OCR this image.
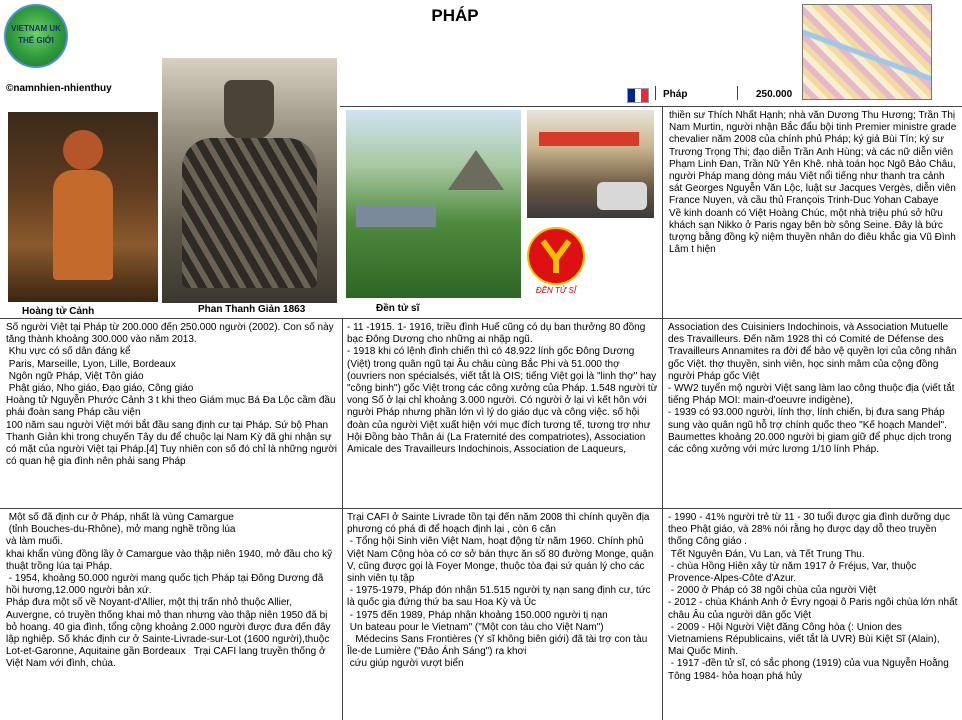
PHÁP
VIETNAM UK
THẾ GIỚI
©namnhien-nhienthuy
Hoàng tử Cảnh	Phan Thanh Giản 1863	Đền tử sĩ
ĐỀN TỬ SĨ
Pháp	250.000
thiền sư Thích Nhất Hạnh; nhà văn Dương Thu Hương; Trần Thị Nam Murtin, người nhận Bắc đẩu bội tinh Premier ministre grade chevalier năm 2008 của chính phủ Pháp; ký giả Bùi Tín; ký sư Trương Trọng Thi; đạo diễn Trần Anh Hùng; và các nữ diễn viên Phạm Linh Đan, Trần Nữ Yên Khê. nhà toán học Ngô Bảo Châu, người Pháp mang dòng máu Việt nổi tiếng như thanh tra cảnh sát Georges Nguyễn Văn Lộc, luật sư Jacques Vergès, diễn viên France Nuyen, và cầu thủ François Trinh-Duc Yohan Cabaye
Về kinh doanh có Việt Hoàng Chúc, một nhà triệu phú sở hữu khách sạn Nikko ở Paris ngay bên bờ sông Seine. Đây là bức tượng bằng đồng kỷ niệm thuyền nhân do điêu khắc gia Vũ Đình Lâm t hiện
Số người Việt tại Pháp từ 200.000 đến 250.000 người (2002). Con số này tăng thành khoảng 300.000 vào năm 2013.
Khu vực có số dân đáng kể
Paris, Marseille, Lyon, Lille, Bordeaux
Ngôn ngữ Pháp, Việt Tôn giáo
Phật giáo, Nho giáo, Đạo giáo, Công giáo
Hoàng tử Nguyễn Phước Cảnh 3 t khi theo Giám mục Bá Đa Lộc cầm đầu phái đoàn sang Pháp cầu viện
100 năm sau người Việt mới bắt đầu sang định cư tại Pháp. Sứ bộ Phan Thanh Giản khi trong chuyến Tây du để chuộc lại Nam Kỳ đã ghi nhận sự có mặt của người Việt tại Pháp.[4] Tuy nhiên con số đó chỉ là những người có quan hệ gia đình nên phải sang Pháp
- 11 -1915. 1- 1916, triều đình Huế cũng có dụ ban thưởng 80 đồng bạc Đông Dương cho những ai nhập ngũ.
- 1918 khi có lệnh đình chiến thì có 48.922 lính gốc Đông Dương (Việt) trong quân ngũ tại Âu châu cùng Bắc Phi và 51.000 thợ (ouvriers non spécialsés, viết tắt là OIS; tiếng Việt gọi là "linh thợ" hay "công binh") gốc Việt trong các công xưởng của Pháp. 1.548 người từ vong Số ở lại chỉ khoảng 3.000 người. Có người ở lại vì kết hôn với người Pháp nhưng phần lớn vì lý do giáo dục và công việc. số hội đoàn của người Việt xuất hiện với mục đích tương tế, tương trợ như Hội Đồng bào Thân ái (La Fraternité des compatriotes), Association Amicale des Travailleurs Indochinois, Association de Laqueurs,
Association des Cuisiniers Indochinois, và Association Mutuelle des Travailleurs. Đến năm 1928 thì có Comité de Défense des Travailleurs Annamites ra đời để bảo vệ quyền lợi của công nhân gốc Việt. thợ thuyền, sinh viên, học sinh mâm của cộng đồng người Pháp gốc Việt
- WW2 tuyển mộ người Việt sang làm lao công thuộc địa (viết tắt tiếng Pháp MOI: main-d'oeuvre indigène),
- 1939 có 93.000 người, lính thợ, lính chiến, bị đưa sang Pháp sung vào quân ngũ hỗ trợ chính quốc theo "Kế hoạch Mandel". Baumettes khoảng 20.000 người bị giam giữ để phục dịch trong các công xưởng với mức lương 1/10 lính Pháp.
Một số đã định cư ở Pháp, nhất là vùng Camargue
(tỉnh Bouches-du-Rhône), mở mang nghề trồng lúa
và làm muối.
khai khẩn vùng đồng lầy ở Camargue vào thập niên 1940, mở đầu cho kỹ thuật trồng lúa tại Pháp.
- 1954, khoảng 50.000 người mang quốc tịch Pháp tại Đông Dương đã hồi hương,12.000 người bản xứ.
Pháp đưa một số về Noyant-d'Allier, một thị trấn nhỏ thuộc Allier, Auvergne, có truyền thống khai mỏ than nhưng vào thập niên 1950 đã bị bỏ hoang. 40 gia đình, tổng cộng khoảng 2.000 người được đưa đến đây lập nghiệp. Số khác định cư ở Sainte-Livrade-sur-Lot (1600 người),thuộc Lot-et-Garonne, Aquitaine gần Bordeaux   Trại CAFI lang truyền thống ở Việt Nam với đình, chùa.
Trại CAFI ở Sainte Livrade tồn tại đến năm 2008 thì chính quyền địa phương có phá đi để hoạch định lại , còn 6 căn
- Tổng hội Sinh viên Việt Nam, hoạt động từ năm 1960. Chính phủ Việt Nam Cộng hòa có cơ sở bán thực ăn số 80 đường Monge, quận V, cũng được gọi là Foyer Monge, thuộc tòa đại sứ quán lý cho các sinh viên tụ tập
- 1975-1979, Pháp đón nhận 51.515 người tỵ nạn sang định cư, tức là quốc gia đứng thứ ba sau Hoa Kỳ và Úc
- 1975 đến 1989, Pháp nhận khoảng 150.000 người tị nạn
Un bateau pour le Vietnam" ("Một con tàu cho Việt Nam")
Médecins Sans Frontières (Y sĩ không biên giới) đã tài trợ con tàu Île-de Lumière ("Đảo Ánh Sáng") ra khơi
cứu giúp người vượt biển
- 1990 - 41% người trẻ từ 11 - 30 tuổi được gia đình dưỡng dục theo Phật giáo, và 28% nói rằng họ được dạy dỗ theo truyền thống Công giáo .
Tết Nguyên Đán, Vu Lan, và Tết Trung Thu.
- chùa Hồng Hiên xây từ năm 1917 ở Fréjus, Var, thuộc Provence-Alpes-Côte d'Azur.
- 2000 ở Pháp có 38 ngôi chùa của người Việt
- 2012 - chùa Khánh Anh ở Évry ngoại ô Paris ngôi chùa lớn nhất châu Âu của người dân gốc Việt
- 2009 - Hội Người Việt đăng Công hòa (: Union des Vietnamiens Républicains, viết tắt là UVR) Bùi Kiệt Sĩ (Alain), Mai Quốc Minh.
- 1917 -đền tử sĩ, có sắc phong (1919) của vua Nguyễn Hoằng Tông 1984- hỏa hoạn phá hủy
